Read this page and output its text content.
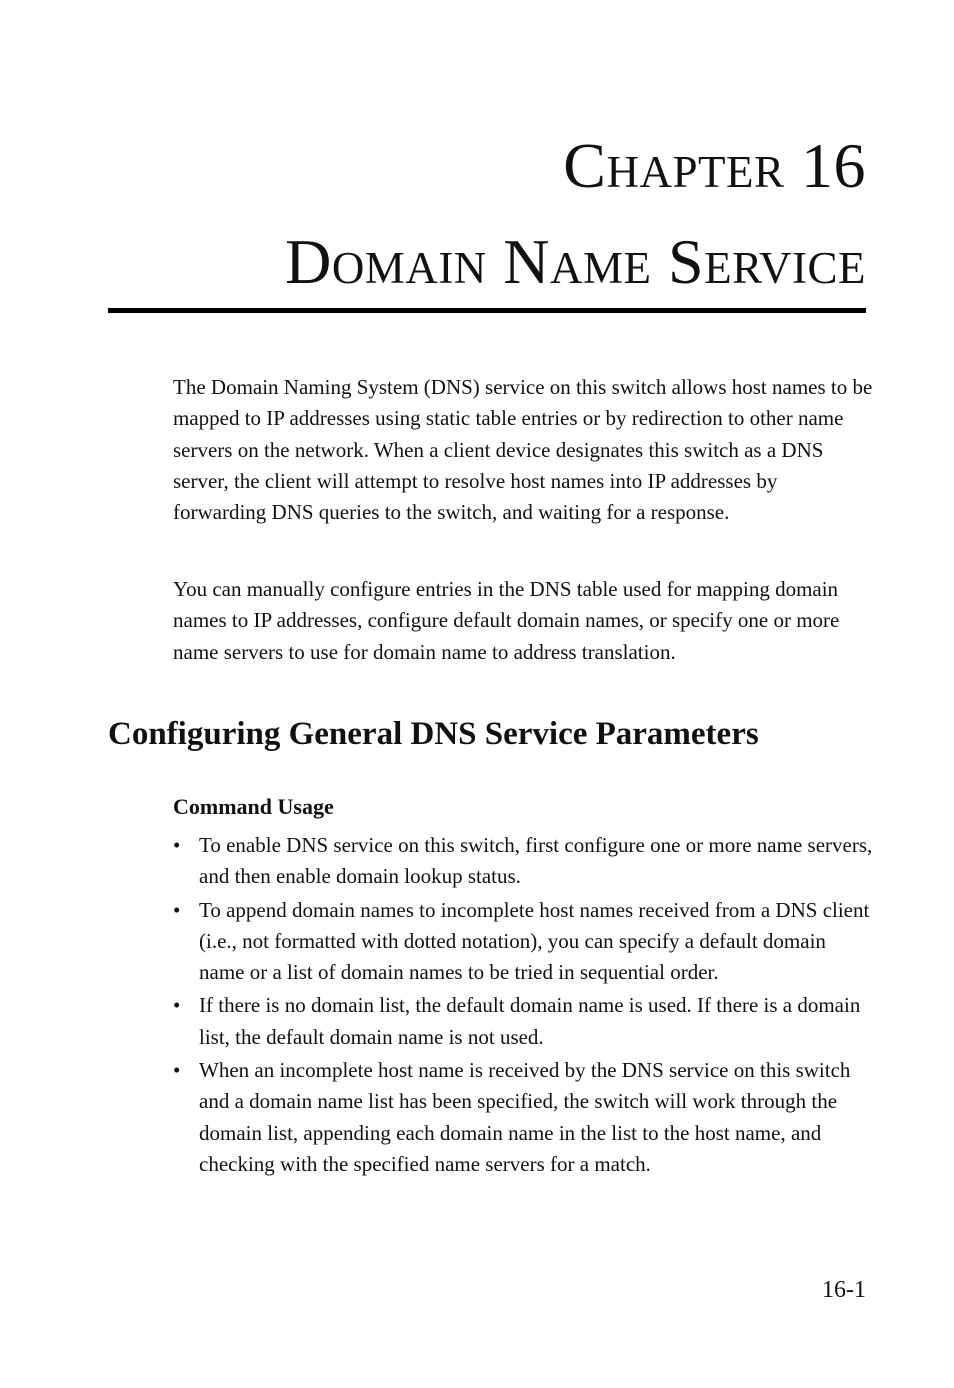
Chapter 16
Domain Name Service

The Domain Naming System (DNS) service on this switch allows host names to be mapped to IP addresses using static table entries or by redirection to other name servers on the network. When a client device designates this switch as a DNS server, the client will attempt to resolve host names into IP addresses by forwarding DNS queries to the switch, and waiting for a response.

You can manually configure entries in the DNS table used for mapping domain names to IP addresses, configure default domain names, or specify one or more name servers to use for domain name to address translation.

Configuring General DNS Service Parameters
Command Usage
• To enable DNS service on this switch, first configure one or more name servers, and then enable domain lookup status.
• To append domain names to incomplete host names received from a DNS client (i.e., not formatted with dotted notation), you can specify a default domain name or a list of domain names to be tried in sequential order.
• If there is no domain list, the default domain name is used. If there is a domain list, the default domain name is not used.
• When an incomplete host name is received by the DNS service on this switch and a domain name list has been specified, the switch will work through the domain list, appending each domain name in the list to the host name, and checking with the specified name servers for a match.

16-1
